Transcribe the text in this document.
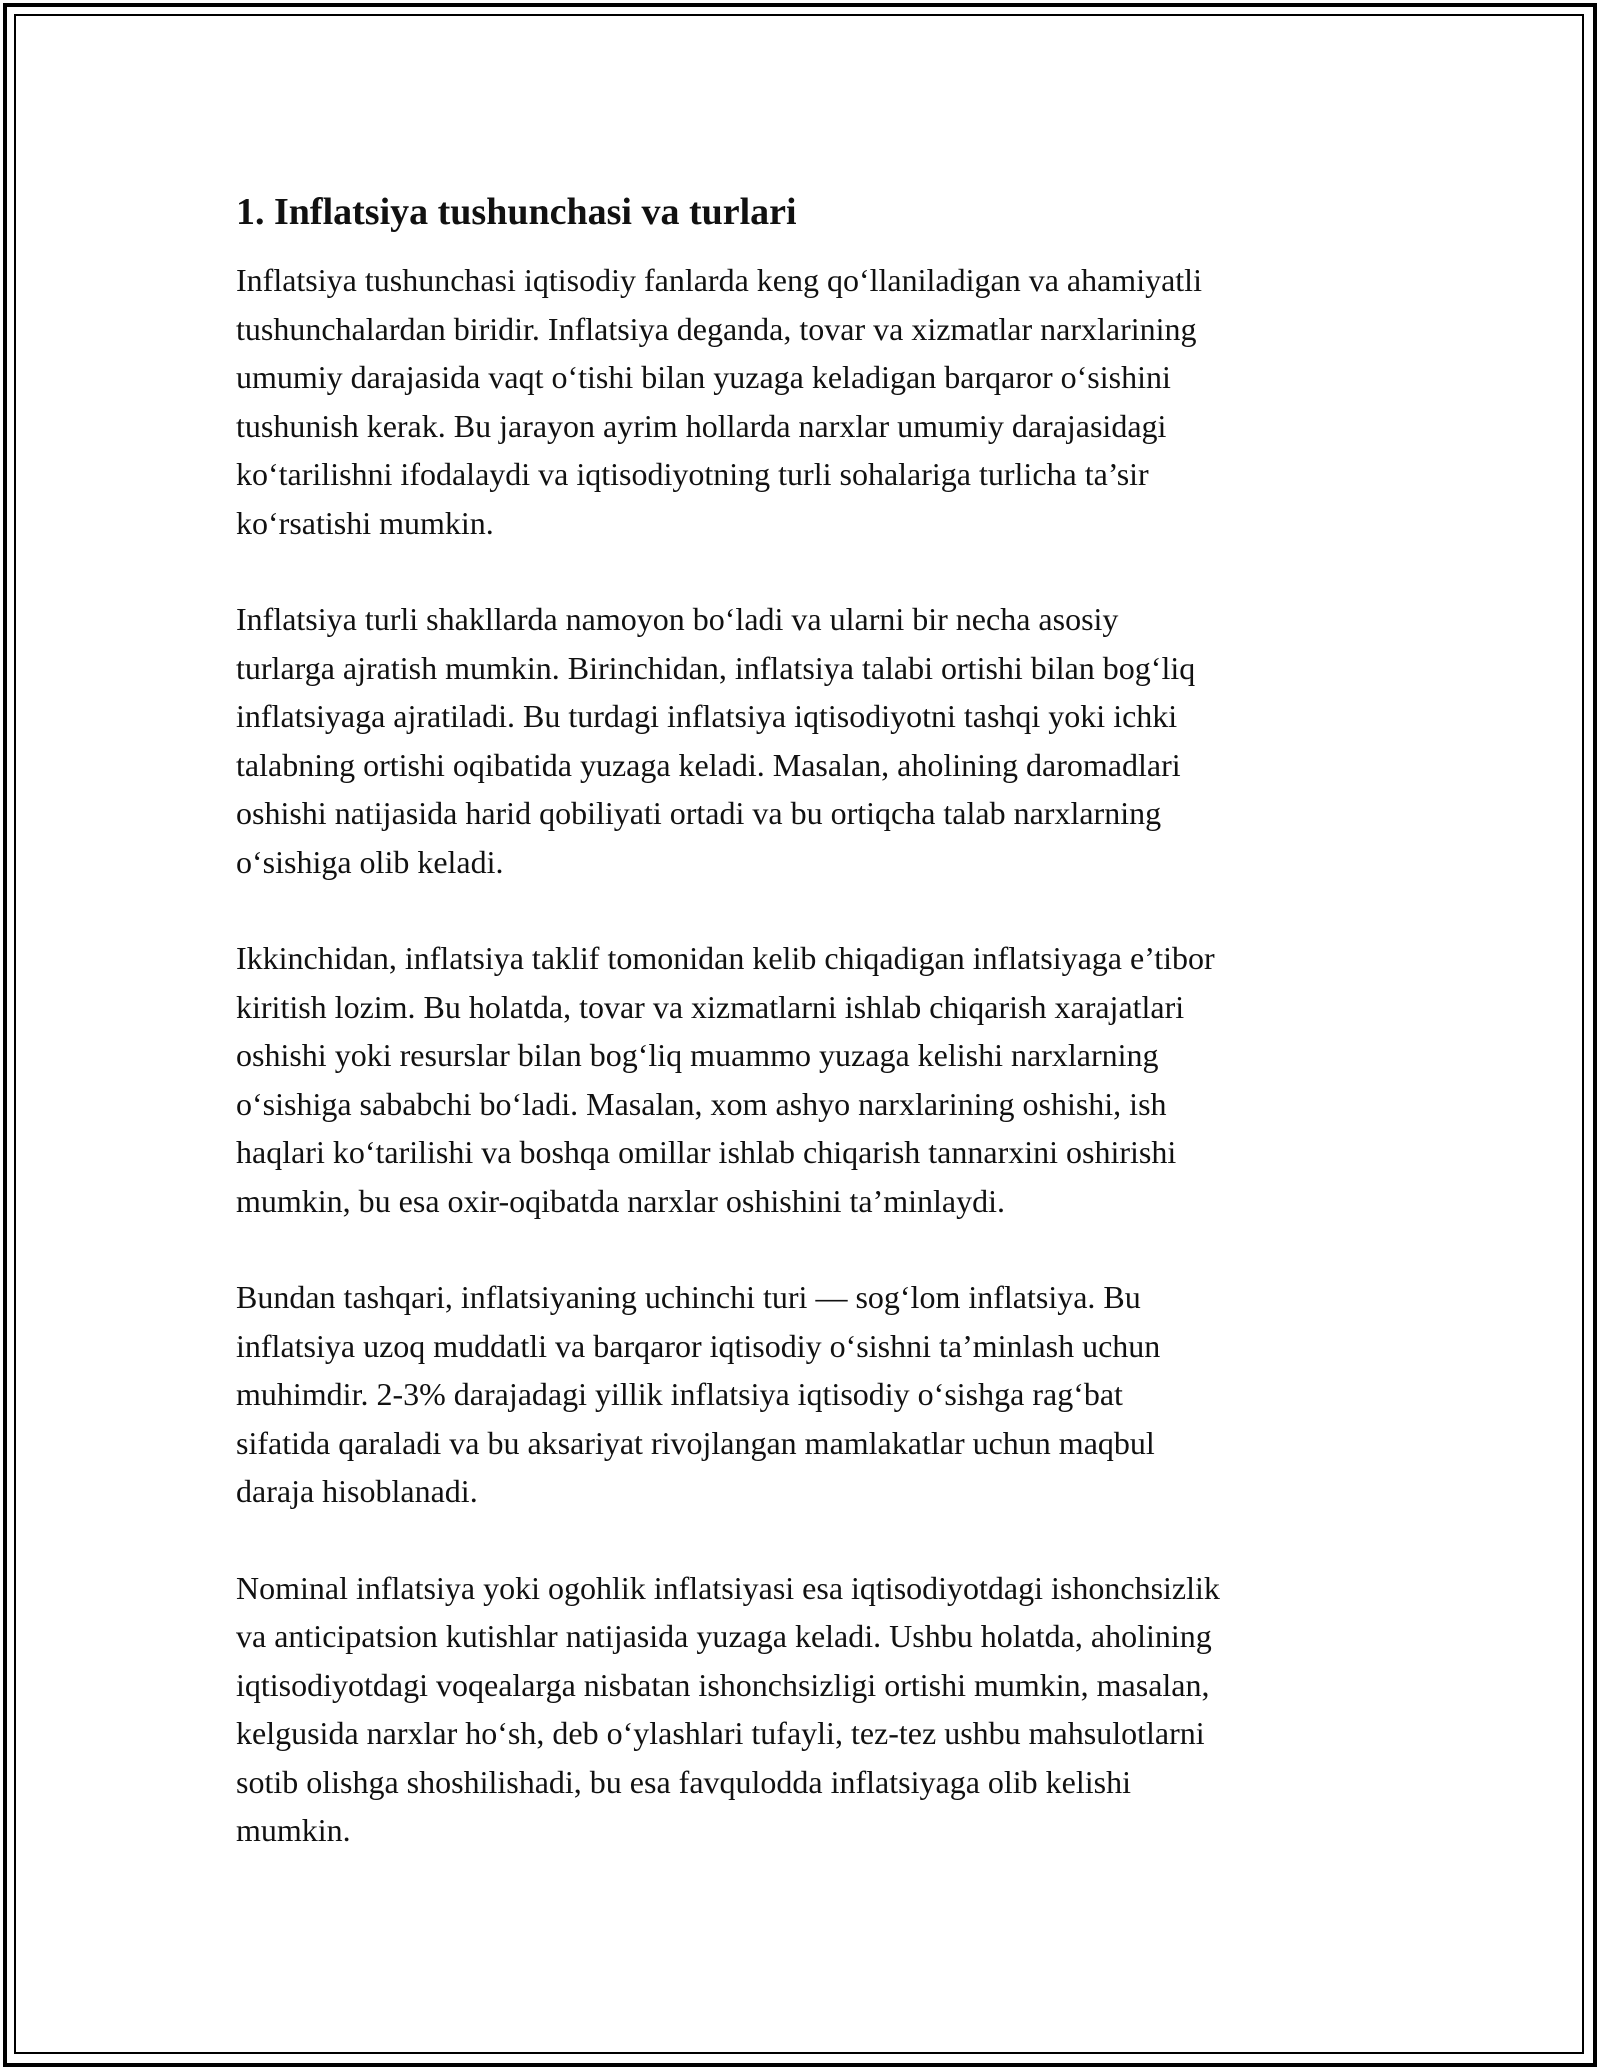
1. Inflatsiya tushunchasi va turlari

Inflatsiya tushunchasi iqtisodiy fanlarda keng qo‘llaniladigan va ahamiyatli
tushunchalardan biridir. Inflatsiya deganda, tovar va xizmatlar narxlarining
umumiy darajasida vaqt o‘tishi bilan yuzaga keladigan barqaror o‘sishini
tushunish kerak. Bu jarayon ayrim hollarda narxlar umumiy darajasidagi
ko‘tarilishni ifodalaydi va iqtisodiyotning turli sohalariga turlicha ta’sir
ko‘rsatishi mumkin.

Inflatsiya turli shakllarda namoyon bo‘ladi va ularni bir necha asosiy
turlarga ajratish mumkin. Birinchidan, inflatsiya talabi ortishi bilan bog‘liq
inflatsiyaga ajratiladi. Bu turdagi inflatsiya iqtisodiyotni tashqi yoki ichki
talabning ortishi oqibatida yuzaga keladi. Masalan, aholining daromadlari
oshishi natijasida harid qobiliyati ortadi va bu ortiqcha talab narxlarning
o‘sishiga olib keladi.

Ikkinchidan, inflatsiya taklif tomonidan kelib chiqadigan inflatsiyaga e’tibor
kiritish lozim. Bu holatda, tovar va xizmatlarni ishlab chiqarish xarajatlari
oshishi yoki resurslar bilan bog‘liq muammo yuzaga kelishi narxlarning
o‘sishiga sababchi bo‘ladi. Masalan, xom ashyo narxlarining oshishi, ish
haqlari ko‘tarilishi va boshqa omillar ishlab chiqarish tannarxini oshirishi
mumkin, bu esa oxir-oqibatda narxlar oshishini ta’minlaydi.

Bundan tashqari, inflatsiyaning uchinchi turi — sog‘lom inflatsiya. Bu
inflatsiya uzoq muddatli va barqaror iqtisodiy o‘sishni ta’minlash uchun
muhimdir. 2-3% darajadagi yillik inflatsiya iqtisodiy o‘sishga rag‘bat
sifatida qaraladi va bu aksariyat rivojlangan mamlakatlar uchun maqbul
daraja hisoblanadi.

Nominal inflatsiya yoki ogohlik inflatsiyasi esa iqtisodiyotdagi ishonchsizlik
va anticipatsion kutishlar natijasida yuzaga keladi. Ushbu holatda, aholining
iqtisodiyotdagi voqealarga nisbatan ishonchsizligi ortishi mumkin, masalan,
kelgusida narxlar ho‘sh, deb o‘ylashlari tufayli, tez-tez ushbu mahsulotlarni
sotib olishga shoshilishadi, bu esa favqulodda inflatsiyaga olib kelishi
mumkin.
